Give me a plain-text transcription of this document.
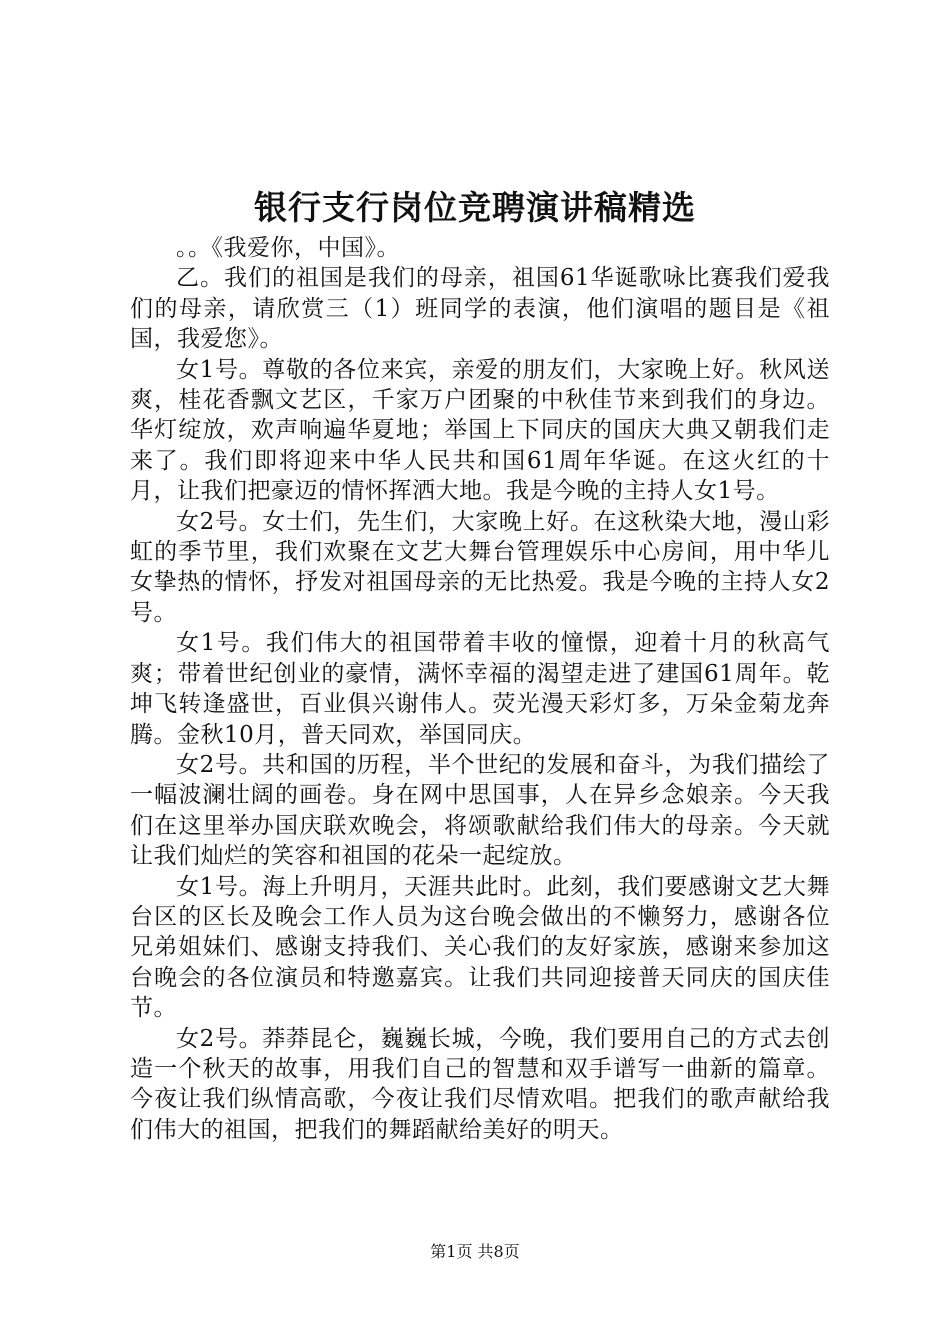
银行支行岗位竞聘演讲稿精选

。。《我爱你，中国》。

乙。我们的祖国是我们的母亲，祖国61华诞歌咏比赛我们爱我们的母亲，请欣赏三（1）班同学的表演，他们演唱的题目是《祖国，我爱您》。

女1号。尊敬的各位来宾，亲爱的朋友们，大家晚上好。秋风送爽，桂花香飘文艺区，千家万户团聚的中秋佳节来到我们的身边。华灯绽放，欢声响遍华夏地；举国上下同庆的国庆大典又朝我们走来了。我们即将迎来中华人民共和国61周年华诞。在这火红的十月，让我们把豪迈的情怀挥洒大地。我是今晚的主持人女1号。

女2号。女士们，先生们，大家晚上好。在这秋染大地，漫山彩虹的季节里，我们欢聚在文艺大舞台管理娱乐中心房间，用中华儿女挚热的情怀，抒发对祖国母亲的无比热爱。我是今晚的主持人女2号。

女1号。我们伟大的祖国带着丰收的憧憬，迎着十月的秋高气爽；带着世纪创业的豪情，满怀幸福的渴望走进了建国61周年。乾坤飞转逢盛世，百业俱兴谢伟人。荧光漫天彩灯多，万朵金菊龙奔腾。金秋10月，普天同欢，举国同庆。

女2号。共和国的历程，半个世纪的发展和奋斗，为我们描绘了一幅波澜壮阔的画卷。身在网中思国事，人在异乡念娘亲。今天我们在这里举办国庆联欢晚会，将颂歌献给我们伟大的母亲。今天就让我们灿烂的笑容和祖国的花朵一起绽放。

女1号。海上升明月，天涯共此时。此刻，我们要感谢文艺大舞台区的区长及晚会工作人员为这台晚会做出的不懒努力，感谢各位兄弟姐妹们、感谢支持我们、关心我们的友好家族，感谢来参加这台晚会的各位演员和特邀嘉宾。让我们共同迎接普天同庆的国庆佳节。

女2号。莽莽昆仑，巍巍长城，今晚，我们要用自己的方式去创造一个秋天的故事，用我们自己的智慧和双手谱写一曲新的篇章。今夜让我们纵情高歌，今夜让我们尽情欢唱。把我们的歌声献给我们伟大的祖国，把我们的舞蹈献给美好的明天。

第1页 共8页
